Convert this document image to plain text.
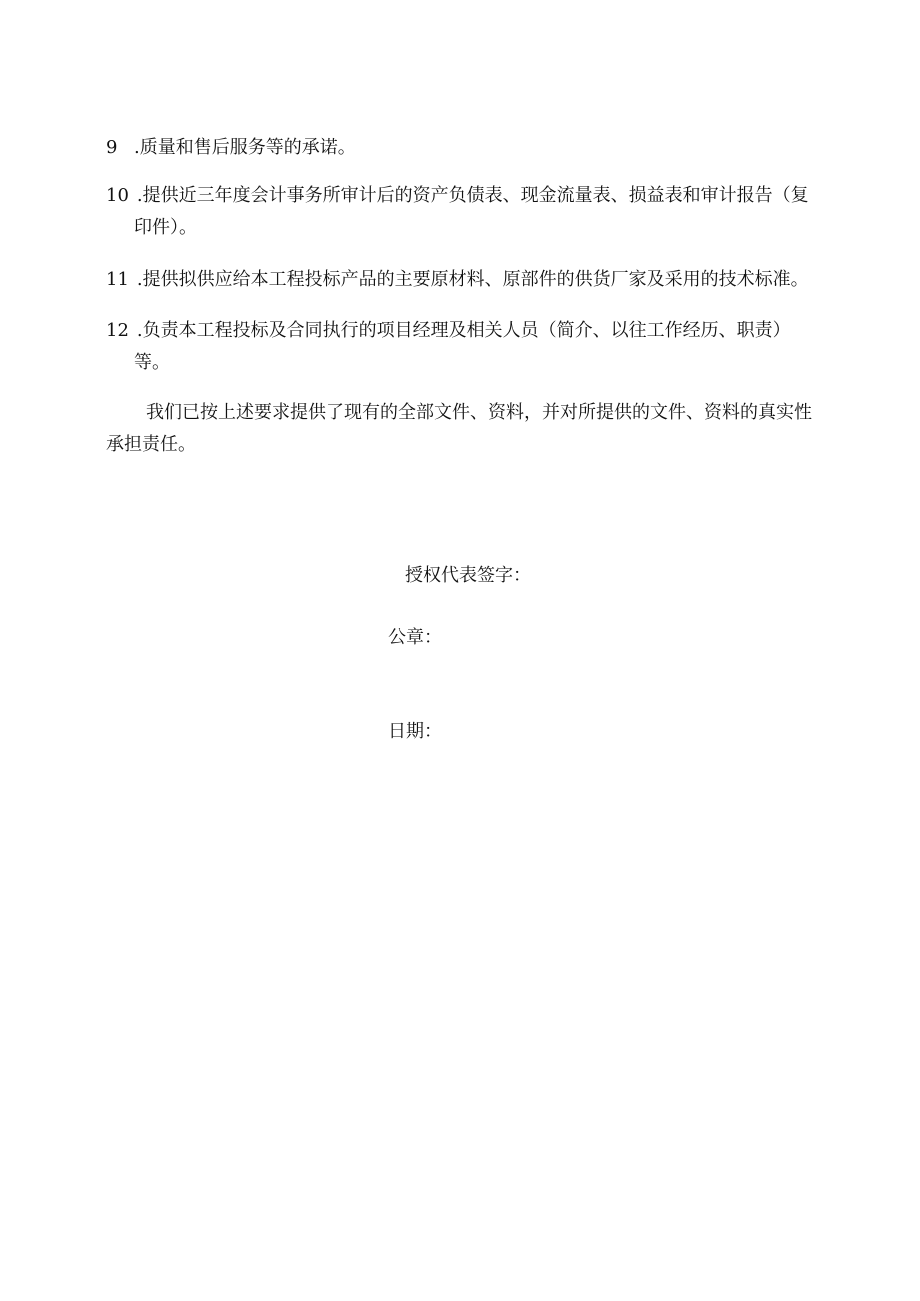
9 .质量和售后服务等的承诺。
10 .提供近三年度会计事务所审计后的资产负债表、现金流量表、损益表和审计报告（复
印件）。
11 .提供拟供应给本工程投标产品的主要原材料、原部件的供货厂家及采用的技术标准。
12 .负责本工程投标及合同执行的项目经理及相关人员（简介、以往工作经历、职责）
等。
我们已按上述要求提供了现有的全部文件、资料，并对所提供的文件、资料的真实性
承担责任。
授权代表签字：
公章：
日期：
